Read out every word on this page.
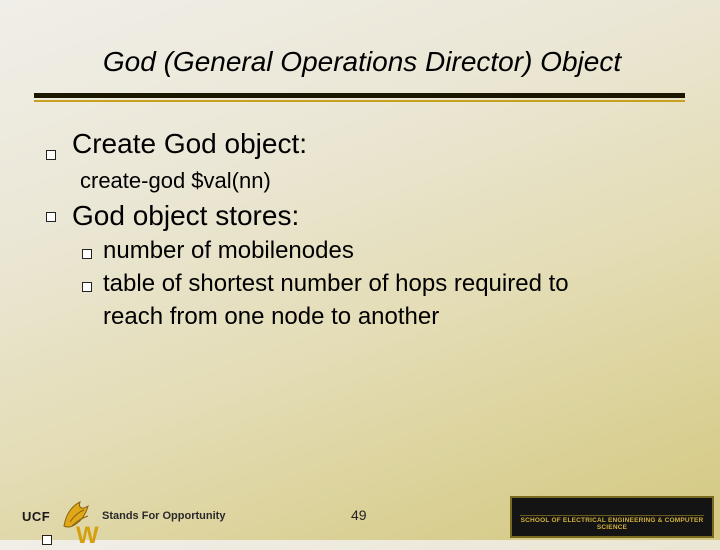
God (General Operations Director) Object
Create God object:
create-god $val(nn)
God object stores:
number of mobilenodes
table of shortest number of hops required to
reach from one node to another
UCF	Stands For Opportunity	49	SCHOOL OF ELECTRICAL ENGINEERING & COMPUTER SCIENCE
W
